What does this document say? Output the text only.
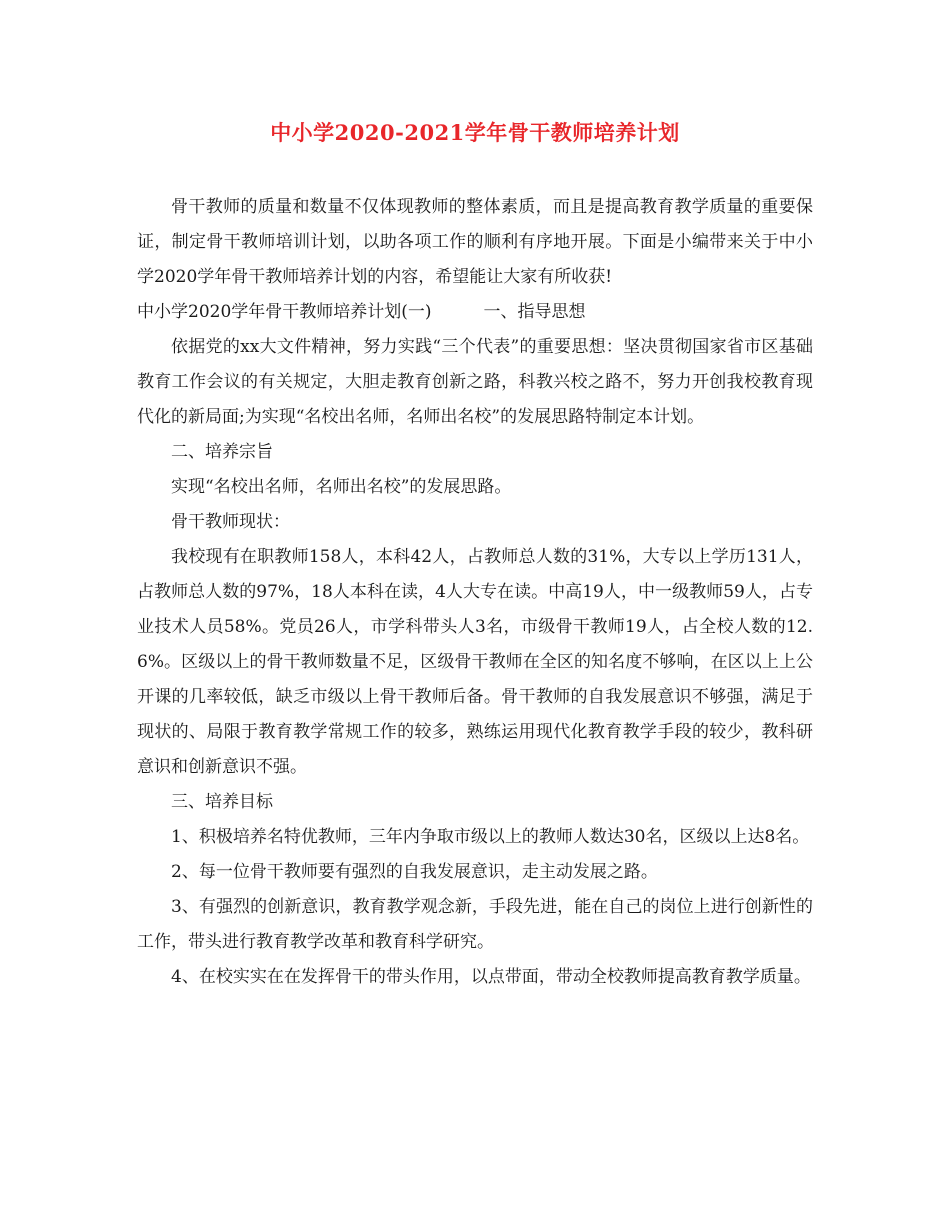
中小学2020-2021学年骨干教师培养计划

骨干教师的质量和数量不仅体现教师的整体素质，而且是提高教育教学质量的重要保证，制定骨干教师培训计划，以助各项工作的顺利有序地开展。下面是小编带来关于中小学2020学年骨干教师培养计划的内容，希望能让大家有所收获!

中小学2020学年骨干教师培养计划(一)	一、指导思想

依据党的xx大文件精神，努力实践“三个代表”的重要思想：坚决贯彻国家省市区基础教育工作会议的有关规定，大胆走教育创新之路，科教兴校之路不，努力开创我校教育现代化的新局面;为实现“名校出名师，名师出名校”的发展思路特制定本计划。

二、培养宗旨

实现“名校出名师，名师出名校”的发展思路。

骨干教师现状：

我校现有在职教师158人，本科42人，占教师总人数的31%，大专以上学历131人，占教师总人数的97%，18人本科在读，4人大专在读。中高19人，中一级教师59人，占专业技术人员58%。党员26人，市学科带头人3名，市级骨干教师19人，占全校人数的12.6%。区级以上的骨干教师数量不足，区级骨干教师在全区的知名度不够响，在区以上上公开课的几率较低，缺乏市级以上骨干教师后备。骨干教师的自我发展意识不够强，满足于现状的、局限于教育教学常规工作的较多，熟练运用现代化教育教学手段的较少，教科研意识和创新意识不强。

三、培养目标

1、积极培养名特优教师，三年内争取市级以上的教师人数达30名，区级以上达8名。

2、每一位骨干教师要有强烈的自我发展意识，走主动发展之路。

3、有强烈的创新意识，教育教学观念新，手段先进，能在自己的岗位上进行创新性的工作，带头进行教育教学改革和教育科学研究。

4、在校实实在在发挥骨干的带头作用，以点带面，带动全校教师提高教育教学质量。
